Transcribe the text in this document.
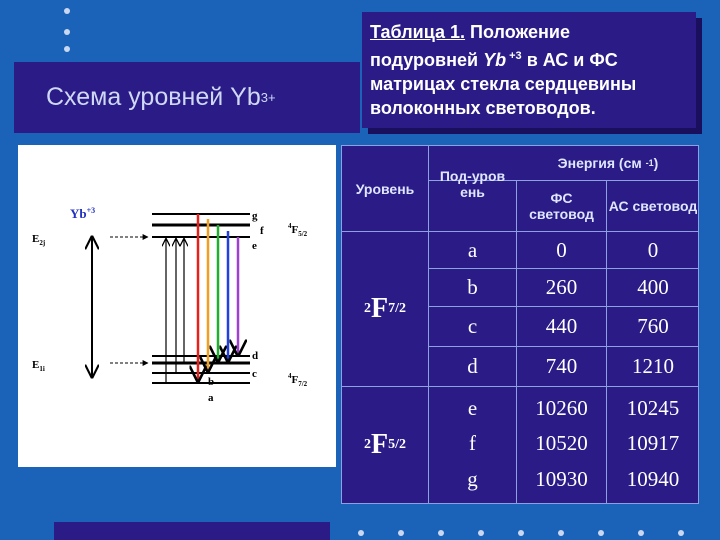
Схема уровней Yb 3+
Таблица 1. Положение
подуровней Yb $^{+3}$ в АС и ФС
матрицах стекла сердцевины
волоконных световодов.
$Yb^{+3}$
$E_{2j}$
$E_{1i}$
g
f
e
d
c
b
a
$^4F_{5/2}$
$^4F_{7/2}$
Уровень
Под-уров ень
Энергия (см
-1 )
ФС световод	АС световод
2 F 7/2
a	0	0
b	260	400
c	440	760
d	740	1210
2 F 5/2
e	10260	10245
f	10520	10917
g	10930	10940
